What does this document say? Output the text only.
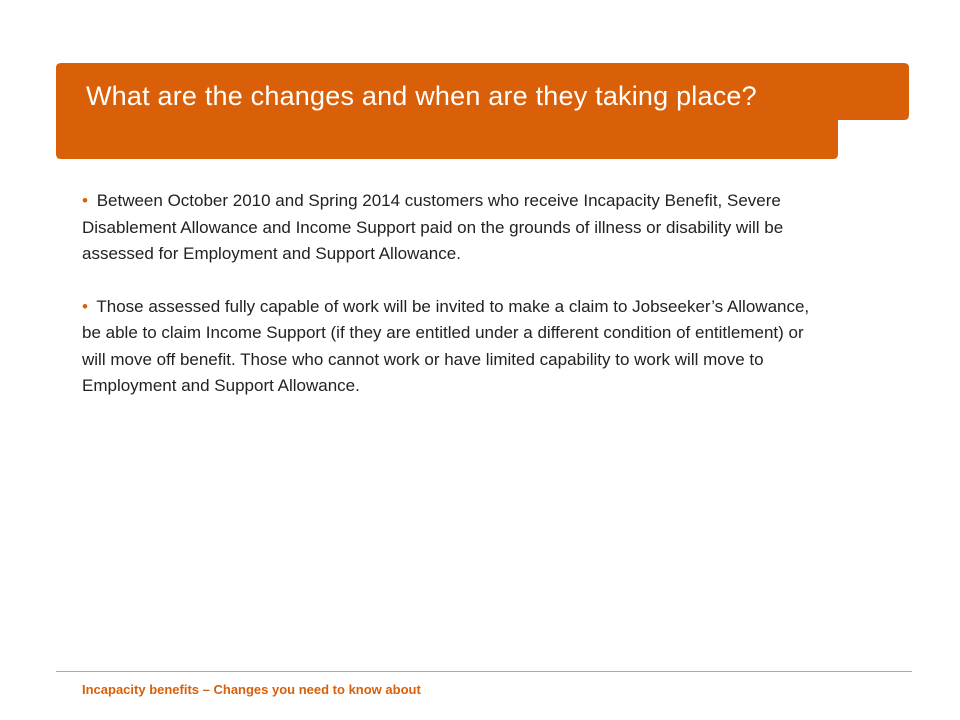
What are the changes and when are they taking place?

• Between October 2010 and Spring 2014 customers who receive Incapacity Benefit, Severe Disablement Allowance and Income Support paid on the grounds of illness or disability will be assessed for Employment and Support Allowance.

• Those assessed fully capable of work will be invited to make a claim to Jobseeker’s Allowance, be able to claim Income Support (if they are entitled under a different condition of entitlement) or will move off benefit. Those who cannot work or have limited capability to work will move to Employment and Support Allowance.

Incapacity benefits – Changes you need to know about
